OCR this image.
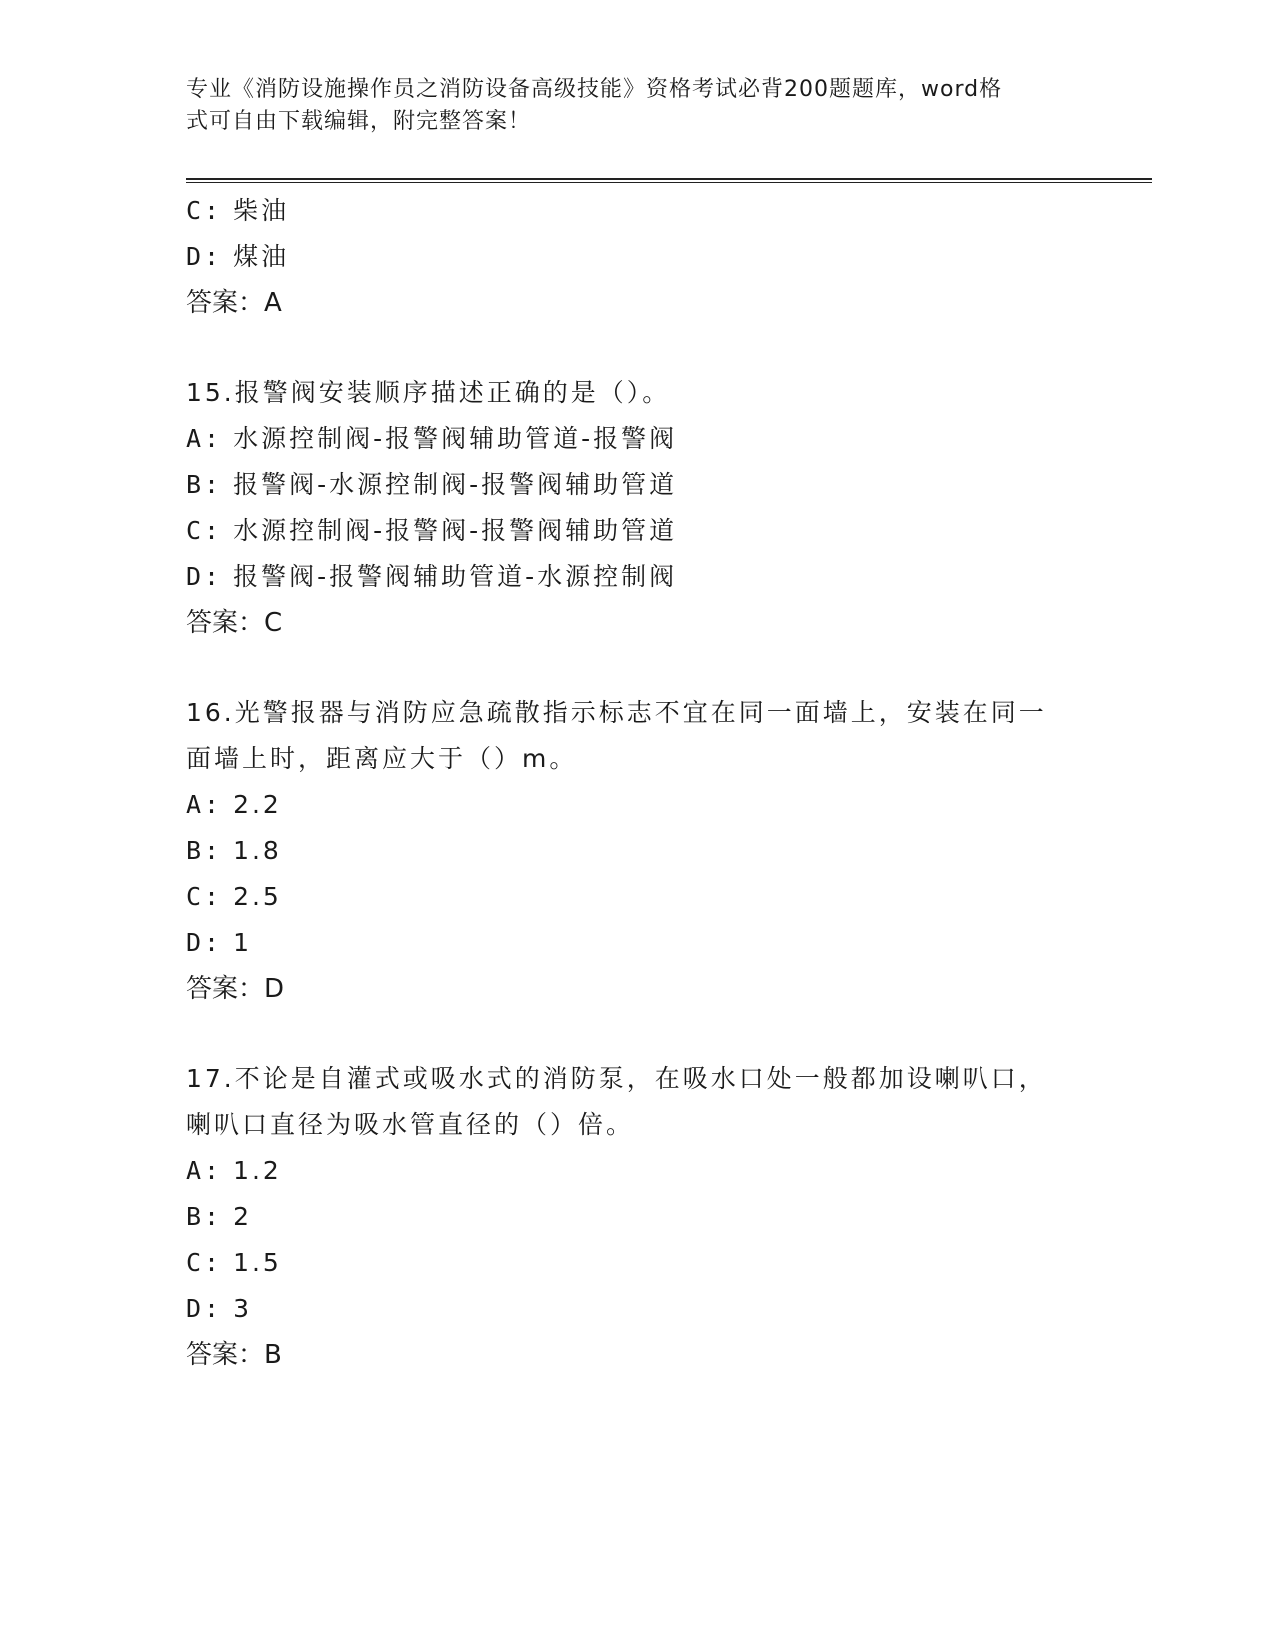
专业《消防设施操作员之消防设备高级技能》资格考试必背200题题库，word格
式可自由下载编辑，附完整答案！
C: 柴油
D: 煤油
答案：A
15.报警阀安装顺序描述正确的是（）。
A: 水源控制阀-报警阀辅助管道-报警阀
B: 报警阀-水源控制阀-报警阀辅助管道
C: 水源控制阀-报警阀-报警阀辅助管道
D: 报警阀-报警阀辅助管道-水源控制阀
答案：C
16.光警报器与消防应急疏散指示标志不宜在同一面墙上，安装在同一
面墙上时，距离应大于（）m。
A: 2.2
B: 1.8
C: 2.5
D: 1
答案：D
17.不论是自灌式或吸水式的消防泵，在吸水口处一般都加设喇叭口，
喇叭口直径为吸水管直径的（）倍。
A: 1.2
B: 2
C: 1.5
D: 3
答案：B
